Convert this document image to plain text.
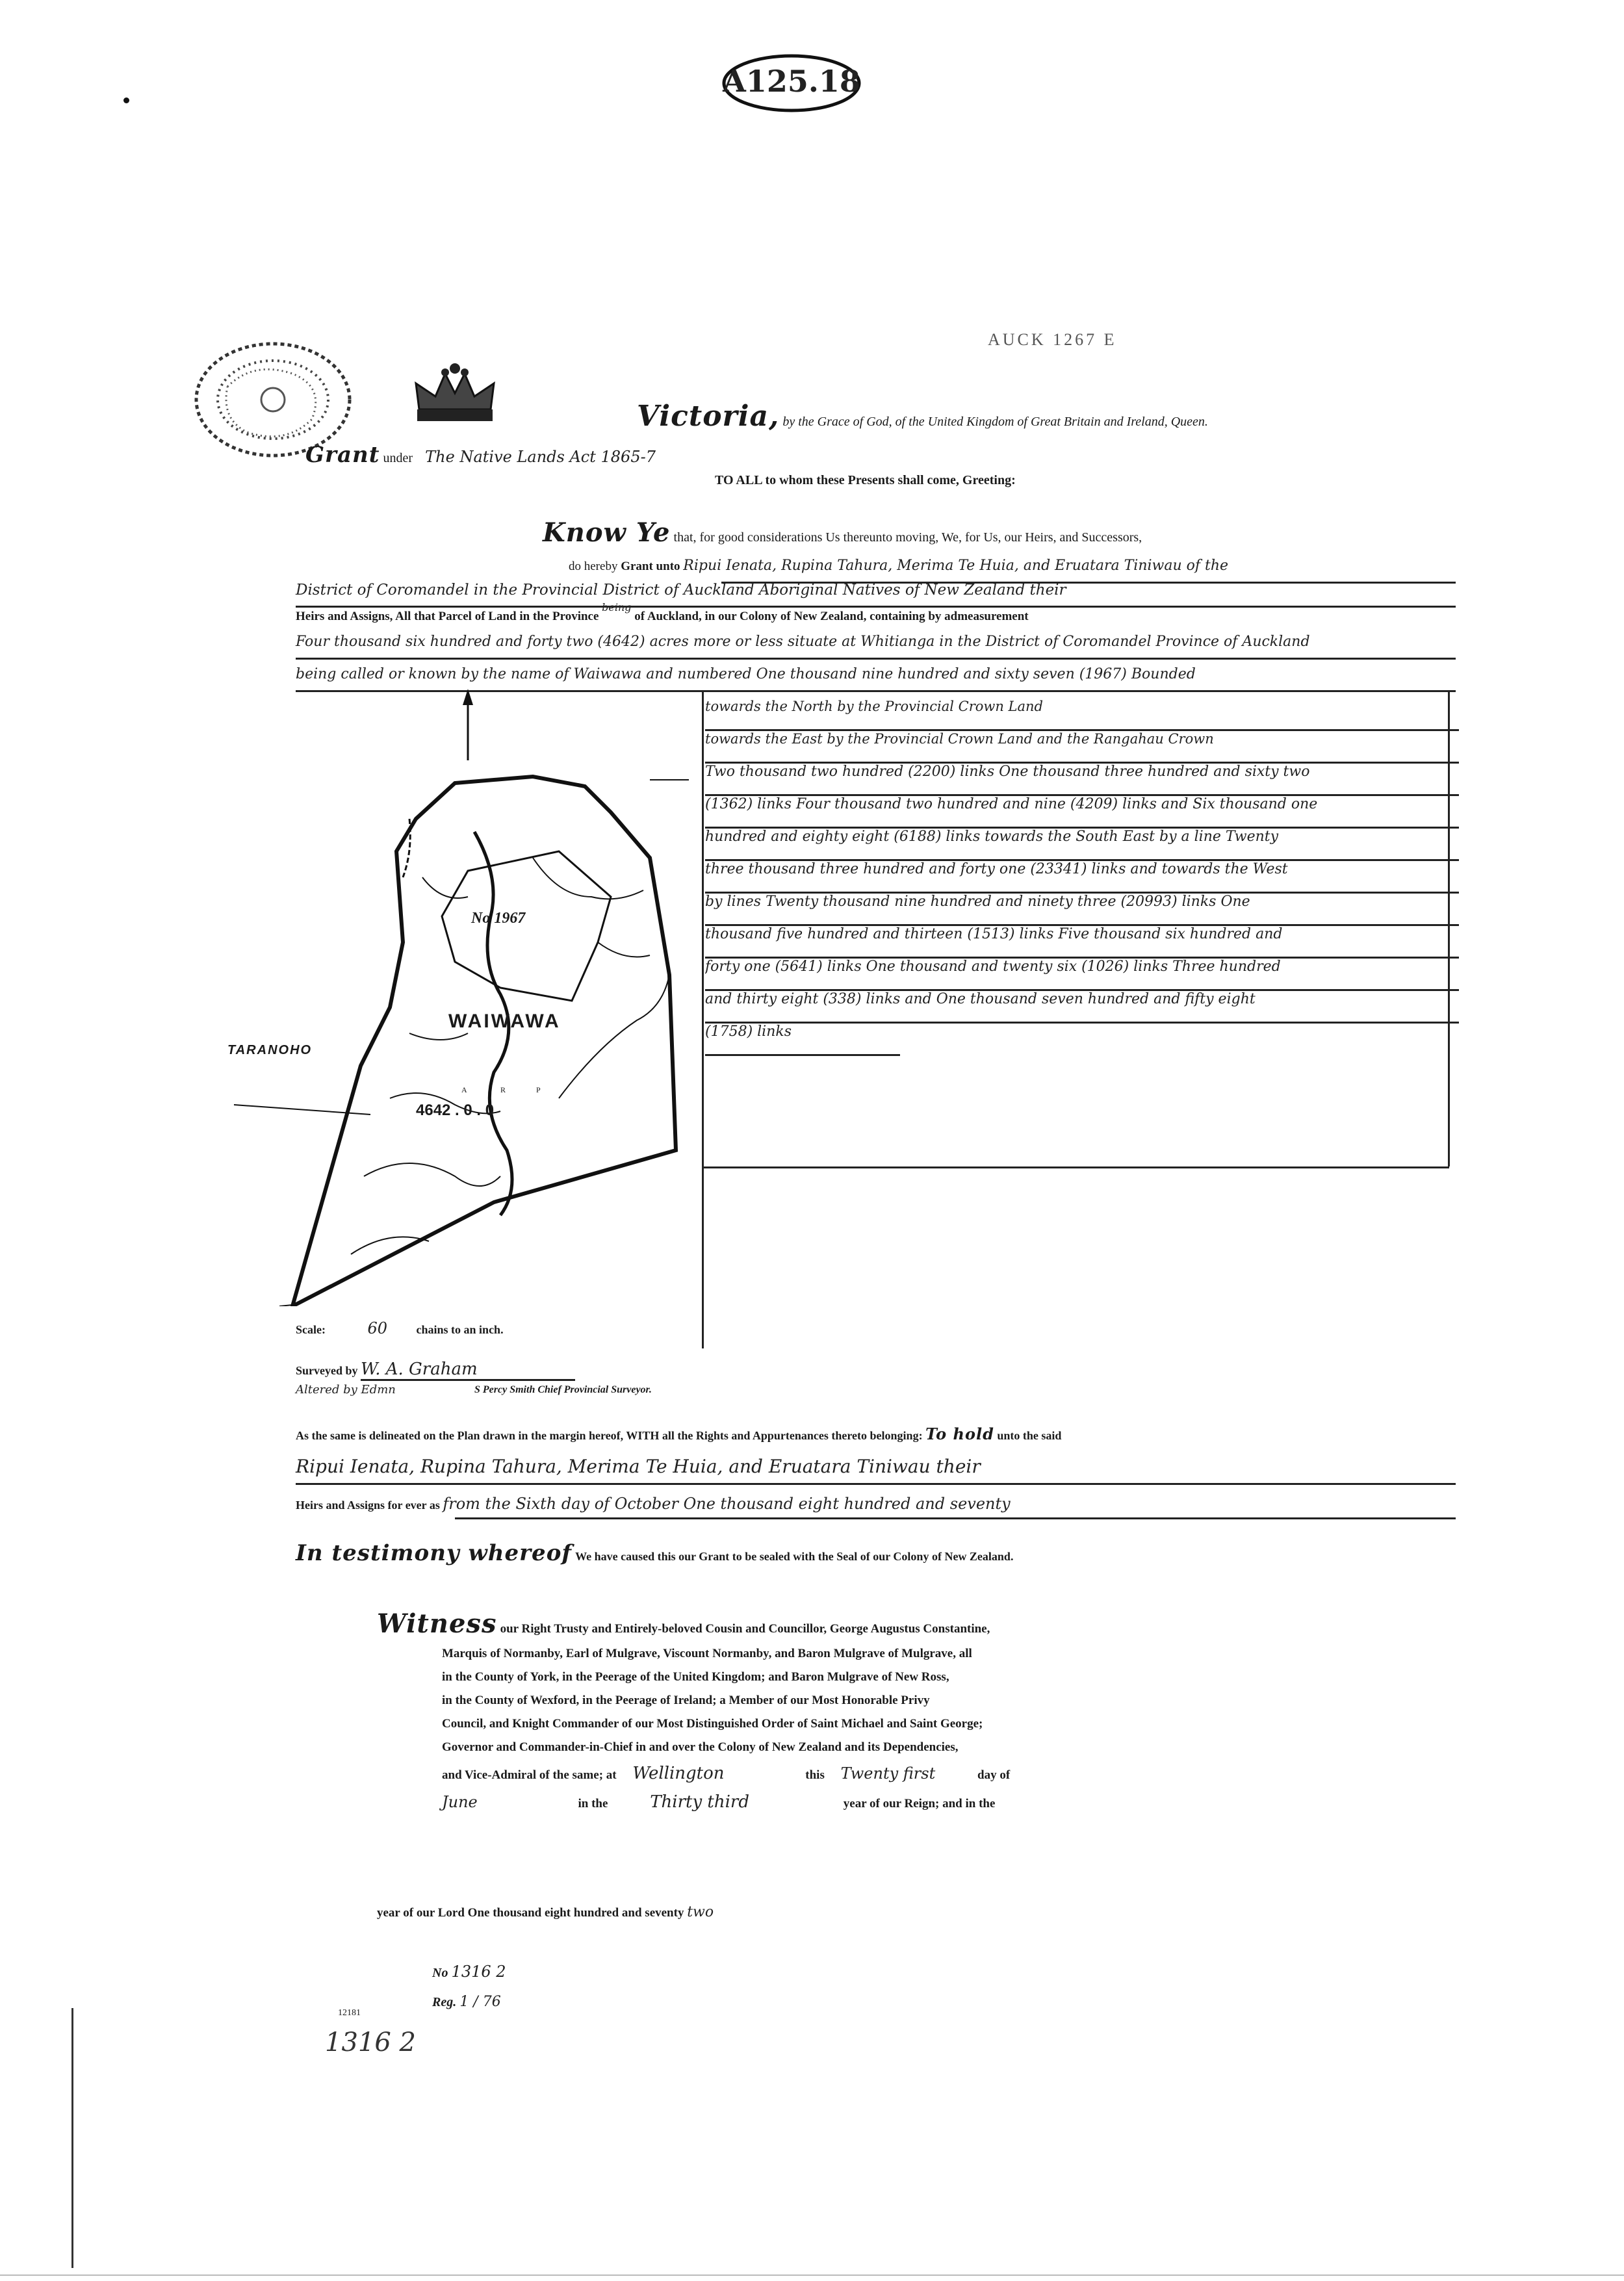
A125.18
AUCK 1267 E
Victoria, by the Grace of God, of the United Kingdom of Great Britain and Ireland, Queen.
Grant under The Native Lands Act 1865-7
TO ALL to whom these Presents shall come, Greeting:
Know Ye that, for good considerations Us thereunto moving, We, for Us, our Heirs, and Successors,
do hereby Grant unto Ripui Ienata, Rupina Tahura, Merima Te Huia, and Eruatara Tiniwau of the
District of Coromandel in the Provincial District of Auckland Aboriginal Natives of New Zealand their
Heirs and Assigns, All that Parcel of Land in the Province $^{being}$ of Auckland, in our Colony of New Zealand, containing by admeasurement
Four thousand six hundred and forty two (4642) acres more or less situate at Whitianga in the District of Coromandel Province of Auckland
being called or known by the name of Waiwawa and numbered One thousand nine hundred and sixty seven (1967) Bounded
towards the North by the Provincial Crown Land
towards the East by the Provincial Crown Land and the Rangahau Crown
Two thousand two hundred (2200) links One thousand three hundred and sixty two
(1362) links Four thousand two hundred and nine (4209) links and Six thousand one
hundred and eighty eight (6188) links towards the South East by a line Twenty
three thousand three hundred and forty one (23341) links and towards the West
by lines Twenty thousand nine hundred and ninety three (20993) links One
thousand five hundred and thirteen (1513) links Five thousand six hundred and
forty one (5641) links One thousand and twenty six (1026) links Three hundred
and thirty eight (338) links and One thousand seven hundred and fifty eight
(1758) links
No 1967
WAIWAWA
4642 . 0 . 0
A	R	P
TARANOHO
Scale:	60 chains to an inch.
Surveyed by W. A. Graham
Altered by Edmn	S Percy Smith Chief Provincial Surveyor.
As the same is delineated on the Plan drawn in the margin hereof, WITH all the Rights and Appurtenances thereto belonging: To hold unto the said
Ripui Ienata, Rupina Tahura, Merima Te Huia, and Eruatara Tiniwau their
Heirs and Assigns for ever as from the Sixth day of October One thousand eight hundred and seventy
In testimony whereof We have caused this our Grant to be sealed with the Seal of our Colony of New Zealand.
Witness our Right Trusty and Entirely-beloved Cousin and Councillor, George Augustus Constantine,
Marquis of Normanby, Earl of Mulgrave, Viscount Normanby, and Baron Mulgrave of Mulgrave, all
in the County of York, in the Peerage of the United Kingdom; and Baron Mulgrave of New Ross,
in the County of Wexford, in the Peerage of Ireland; a Member of our Most Honorable Privy
Council, and Knight Commander of our Most Distinguished Order of Saint Michael and Saint George;
Governor and Commander-in-Chief in and over the Colony of New Zealand and its Dependencies,
and Vice-Admiral of the same; at Wellington	this Twenty first	day of
June	in the Thirty third	year of our Reign; and in the
year of our Lord One thousand eight hundred and seventy two
No 1316 2
Reg. 1 / 76
12181
1316 2
